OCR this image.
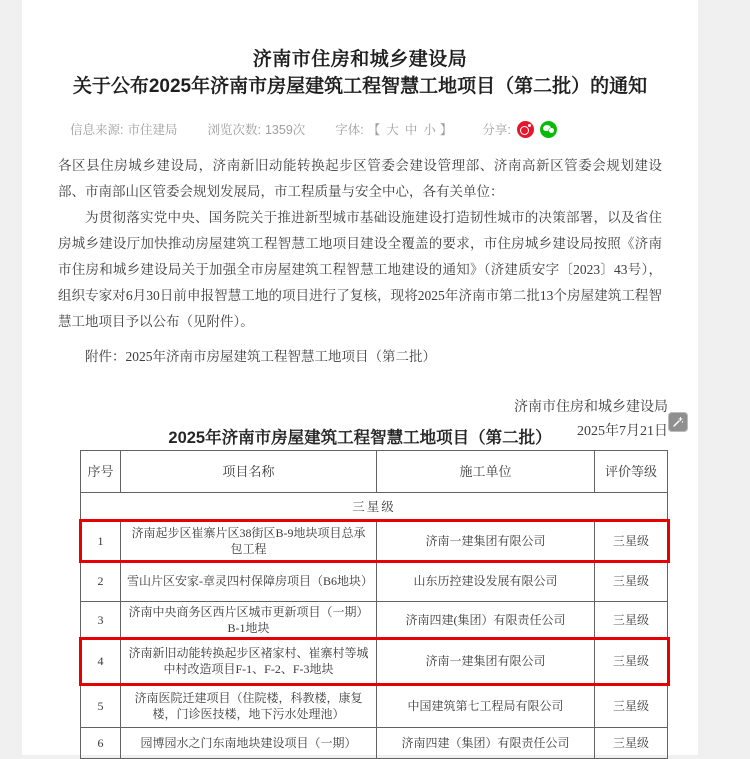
济南市住房和城乡建设局
关于公布2025年济南市房屋建筑工程智慧工地项目（第二批）的通知
信息来源: 市住建局 浏览次数: 1359次 字体: 【 大 中 小 】 分享:

各区县住房城乡建设局，济南新旧动能转换起步区管委会建设管理部、济南高新区管委会规划建设部、市南部山区管委会规划发展局，市工程质量与安全中心，各有关单位：

为贯彻落实党中央、国务院关于推进新型城市基础设施建设打造韧性城市的决策部署，以及省住房城乡建设厅加快推动房屋建筑工程智慧工地项目建设全覆盖的要求，市住房城乡建设局按照《济南市住房和城乡建设局关于加强全市房屋建筑工程智慧工地建设的通知》（济建质安字〔2023〕43号），组织专家对6月30日前申报智慧工地的项目进行了复核，现将2025年济南市第二批13个房屋建筑工程智慧工地项目予以公布（见附件）。

附件：2025年济南市房屋建筑工程智慧工地项目（第二批）

济南市住房和城乡建设局
2025年7月21日
2025年济南市房屋建筑工程智慧工地项目（第二批）
序号	项目名称	施工单位	评价等级
三星级			
1	济南起步区崔寨片区38街区B-9地块项目总承包工程	济南一建集团有限公司	三星级
2	雪山片区安家-章灵四村保障房项目（B6地块）	山东历控建设发展有限公司	三星级
3	济南中央商务区西片区城市更新项目（一期）B-1地块	济南四建(集团）有限责任公司	三星级
4	济南新旧动能转换起步区褚家村、崔寨村等城中村改造项目F-1、F-2、F-3地块	济南一建集团有限公司	三星级
5	济南医院迁建项目（住院楼，科教楼，康复楼，门诊医技楼，地下污水处理池）	中国建筑第七工程局有限公司	三星级
6	园博园水之门东南地块建设项目（一期）	济南四建（集团）有限责任公司	三星级
